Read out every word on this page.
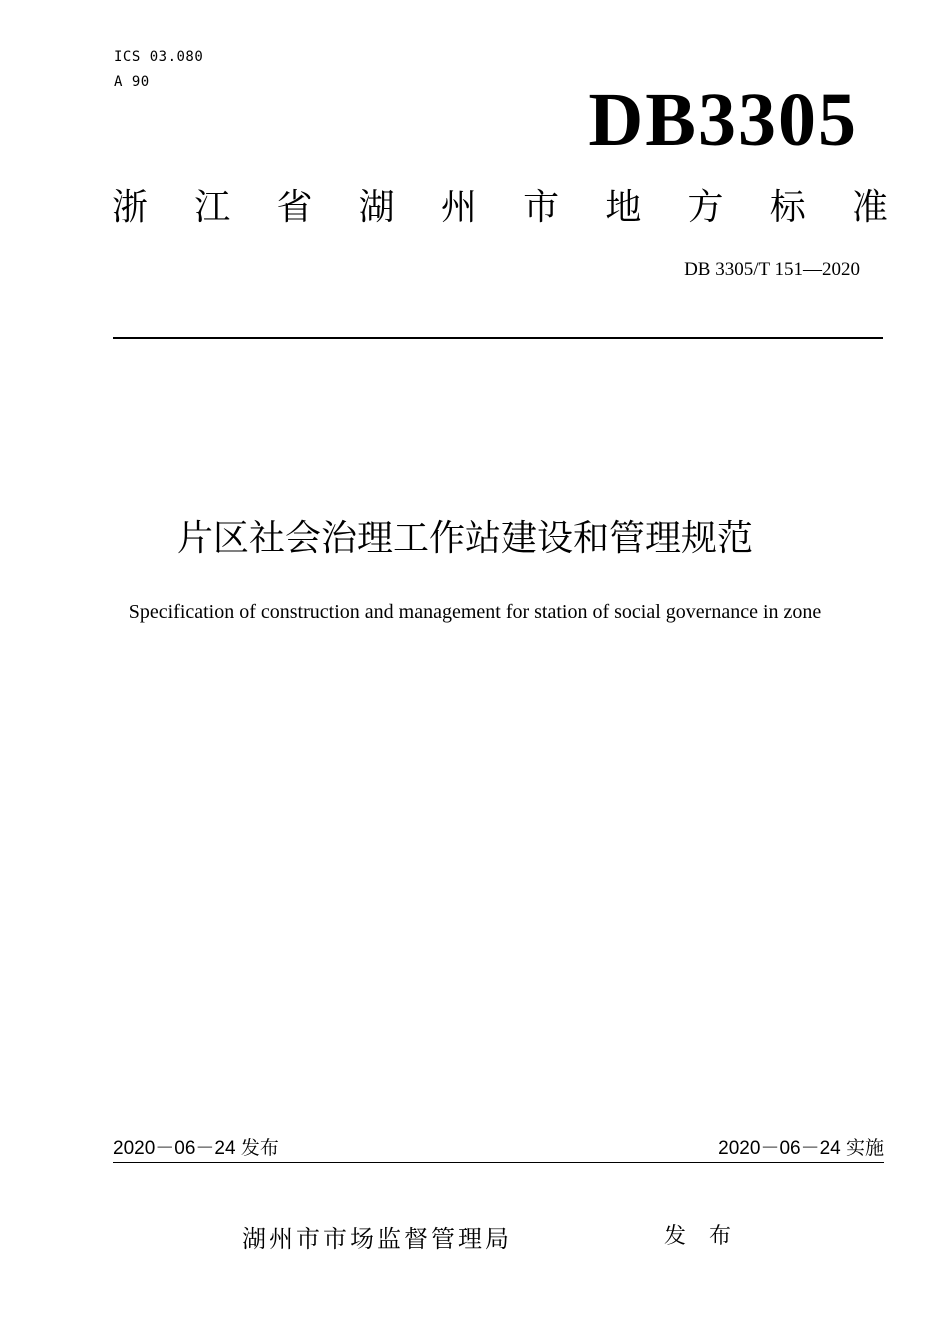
ICS 03.080
A 90	DB3305
浙 江 省 湖 州 市 地 方 标 准
DB 3305/T 151—2020
片区社会治理工作站建设和管理规范
Specification of construction and management for station of social governance in zone
2020－06－24 发布	2020－06－24 实施
湖州市市场监督管理局	发 布
